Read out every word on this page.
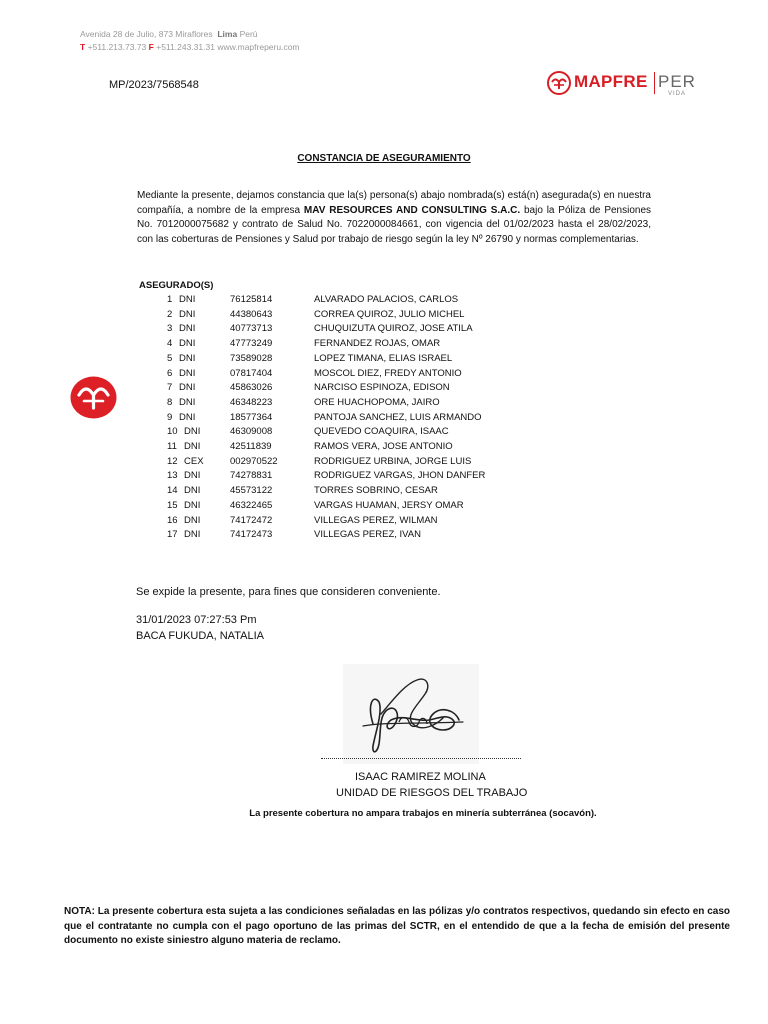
Avenida 28 de Julio, 873 Miraflores Lima Perú
T +511.213.73.73 F +511.243.31.31 www.mapfreperu.com
MP/2023/7568548	MAPFRE PER
VIDA
CONSTANCIA DE ASEGURAMIENTO
Mediante la presente, dejamos constancia que la(s) persona(s) abajo nombrada(s) está(n) asegurada(s) en nuestra compañía, a nombre de la empresa MAV RESOURCES AND CONSULTING S.A.C. bajo la Póliza de Pensiones No. 7012000075682 y contrato de Salud No. 7022000084661, con vigencia del 01/02/2023 hasta el 28/02/2023, con las coberturas de Pensiones y Salud por trabajo de riesgo según la ley Nº 26790 y normas complementarias.
ASEGURADO(S)
1 DNI	76125814	ALVARADO PALACIOS, CARLOS
2 DNI	44380643	CORREA QUIROZ, JULIO MICHEL
3 DNI	40773713	CHUQUIZUTA QUIROZ, JOSE ATILA
4 DNI	47773249	FERNANDEZ ROJAS, OMAR
5 DNI	73589028	LOPEZ TIMANA, ELIAS ISRAEL
6 DNI	07817404	MOSCOL DIEZ, FREDY ANTONIO
7 DNI	45863026	NARCISO ESPINOZA, EDISON
8 DNI	46348223	ORE HUACHOPOMA, JAIRO
9 DNI	18577364	PANTOJA SANCHEZ, LUIS ARMANDO
10 DNI	46309008	QUEVEDO COAQUIRA, ISAAC
11 DNI	42511839	RAMOS VERA, JOSE ANTONIO
12 CEX	002970522	RODRIGUEZ URBINA, JORGE LUIS
13 DNI	74278831	RODRIGUEZ VARGAS, JHON DANFER
14 DNI	45573122	TORRES SOBRINO, CESAR
15 DNI	46322465	VARGAS HUAMAN, JERSY OMAR
16 DNI	74172472	VILLEGAS PEREZ, WILMAN
17 DNI	74172473	VILLEGAS PEREZ, IVAN
Se expide la presente, para fines que consideren conveniente.
31/01/2023 07:27:53 Pm
BACA FUKUDA, NATALIA
ISAAC RAMIREZ MOLINA
UNIDAD DE RIESGOS DEL TRABAJO
La presente cobertura no ampara trabajos en minería subterránea (socavón).
NOTA: La presente cobertura esta sujeta a las condiciones señaladas en las pólizas y/o contratos respectivos, quedando sin efecto en caso que el contratante no cumpla con el pago oportuno de las primas del SCTR, en el entendido de que a la fecha de emisión del presente documento no existe siniestro alguno materia de reclamo.
